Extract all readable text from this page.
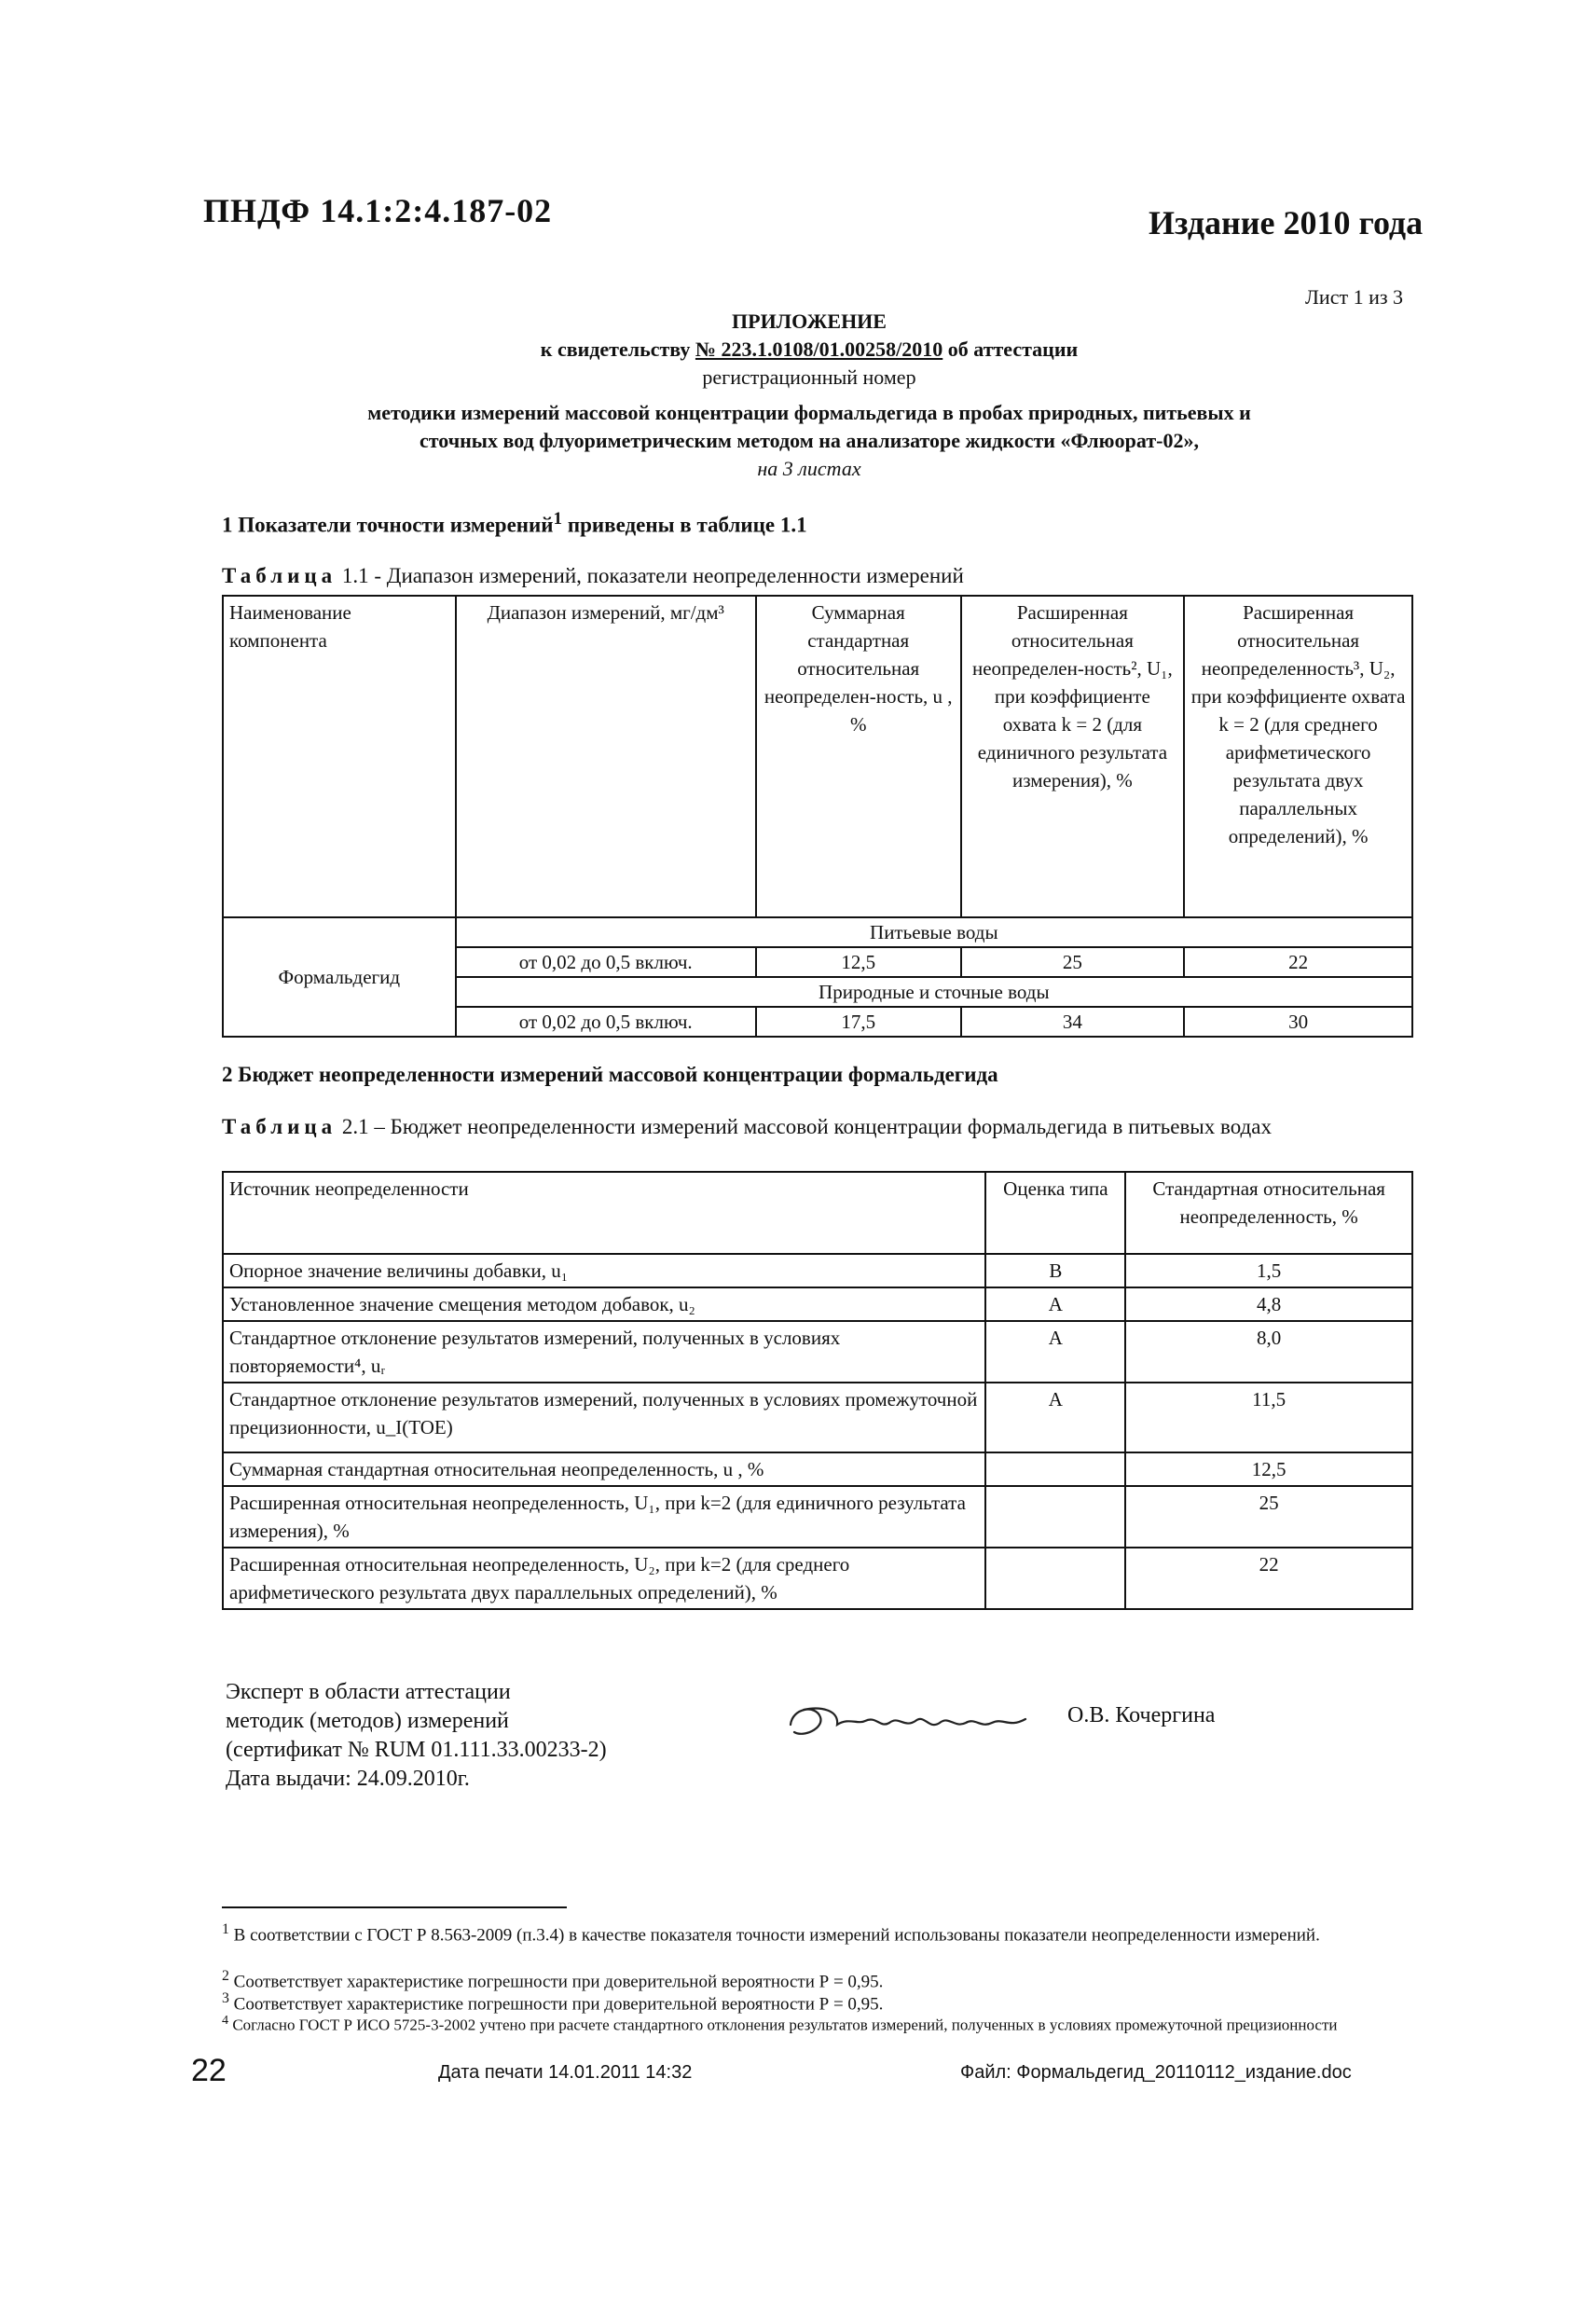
ПНДФ 14.1:2:4.187-02	Издание 2010 года
Лист 1 из 3
ПРИЛОЖЕНИЕ
к свидетельству № 223.1.0108/01.00258/2010 об аттестации
регистрационный номер
методики измерений массовой концентрации формальдегида в пробах природных, питьевых и
сточных вод флуориметрическим методом на анализаторе жидкости «Флюорат-02»,
на 3 листах
1 Показатели точности измерений$^1$ приведены в таблице 1.1
Таблица 1.1 - Диапазон измерений, показатели неопределенности измерений
Наименование компонента	Диапазон измерений, мг/дм³	Суммарная стандартная относительная неопределен-ность, u , %	Расширенная относительная неопределен-ность², U₁, при коэффициенте охвата k = 2 (для единичного результата измерения), %	Расширенная относительная неопределенность³, U₂, при коэффициенте охвата k = 2 (для среднего арифметического результата двух параллельных определений), %
Формальдегид	Питьевые воды			
	от 0,02 до 0,5 включ.	12,5	25	22
	Природные и сточные воды			
	от 0,02 до 0,5 включ.	17,5	34	30
2 Бюджет неопределенности измерений массовой концентрации формальдегида
Таблица 2.1 – Бюджет неопределенности измерений массовой концентрации формальдегида в питьевых водах
Источник неопределенности	Оценка типа	Стандартная относительная неопределенность, %
Опорное значение величины добавки, u₁	B	1,5
Установленное значение смещения методом добавок, u₂	A	4,8
Стандартное отклонение результатов измерений, полученных в условиях повторяемости⁴, uᵣ	A	8,0
Стандартное отклонение результатов измерений, полученных в условиях промежуточной прецизионности, u_I(TOE)	A	11,5
Суммарная стандартная относительная неопределенность, u , %		12,5
Расширенная относительная неопределенность, U₁, при k=2 (для единичного результата измерения), %		25
Расширенная относительная неопределенность, U₂, при k=2 (для среднего арифметического результата двух параллельных определений), %		22
Эксперт в области аттестации
методик (методов) измерений
(сертификат № RUM 01.111.33.00233-2)
Дата выдачи: 24.09.2010г.
О.В. Кочергина
$^1$ В соответствии с ГОСТ Р 8.563-2009 (п.3.4) в качестве показателя точности измерений использованы показатели неопределенности измерений.
$^2$ Соответствует характеристике погрешности при доверительной вероятности Р = 0,95.
$^3$ Соответствует характеристике погрешности при доверительной вероятности Р = 0,95.
$^4$ Согласно ГОСТ Р ИСО 5725-3-2002 учтено при расчете стандартного отклонения результатов измерений, полученных в условиях промежуточной прецизионности
22	Дата печати 14.01.2011 14:32	Файл: Формальдегид_20110112_издание.doc
